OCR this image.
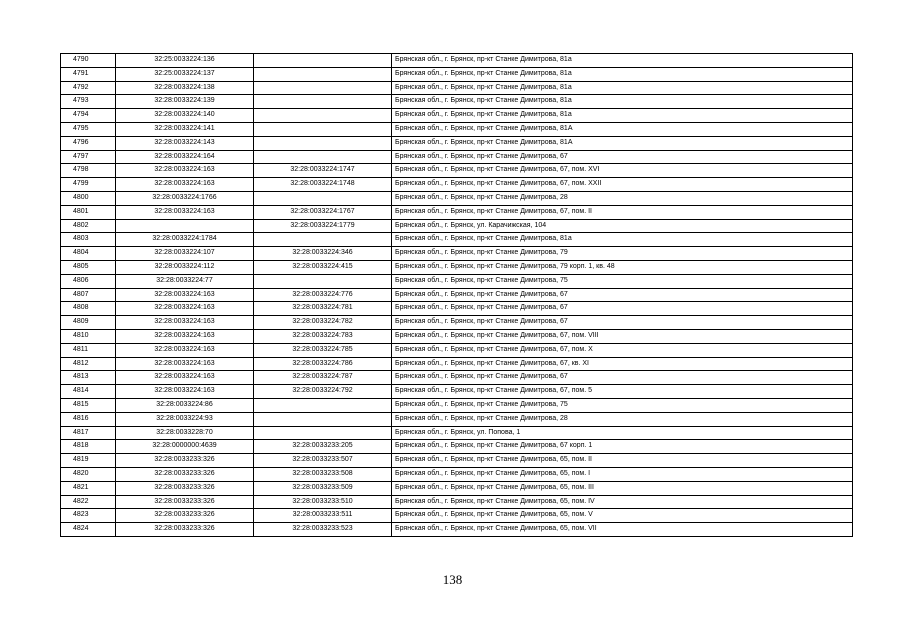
4790	32:25:0033224:136		Брянская обл., г. Брянск, пр-кт Станке Димитрова, 81а
4791	32:25:0033224:137		Брянская обл., г. Брянск, пр-кт Станке Димитрова, 81а
4792	32:28:0033224:138		Брянская обл., г. Брянск, пр-кт Станке Димитрова, 81а
4793	32:28:0033224:139		Брянская обл., г. Брянск, пр-кт Станке Димитрова, 81а
4794	32:28:0033224:140		Брянская обл., г. Брянск, пр-кт Станке Димитрова, 81а
4795	32:28:0033224:141		Брянская обл., г. Брянск, пр-кт Станке Димитрова, 81А
4796	32:28:0033224:143		Брянская обл., г. Брянск, пр-кт Станке Димитрова, 81А
4797	32:28:0033224:164		Брянская обл., г. Брянск, пр-кт Станке Димитрова, 67
4798	32:28:0033224:163	32:28:0033224:1747	Брянская обл., г. Брянск, пр-кт Станке Димитрова, 67, пом. XVI
4799	32:28:0033224:163	32:28:0033224:1748	Брянская обл., г. Брянск, пр-кт Станке Димитрова, 67, пом. XXII
4800	32:28:0033224:1766		Брянская обл., г. Брянск, пр-кт Станке Димитрова, 28
4801	32:28:0033224:163	32:28:0033224:1767	Брянская обл., г. Брянск, пр-кт Станке Димитрова, 67, пом. II
4802		32:28:0033224:1779	Брянская обл., г. Брянск, ул. Карачижская, 104
4803	32:28:0033224:1784		Брянская обл., г. Брянск, пр-кт Станке Димитрова, 81а
4804	32:28:0033224:107	32:28:0033224:346	Брянская обл., г. Брянск, пр-кт Станке Димитрова, 79
4805	32:28:0033224:112	32:28:0033224:415	Брянская обл., г. Брянск, пр-кт Станке Димитрова, 79 корп. 1, кв. 48
4806	32:28:0033224:77		Брянская обл., г. Брянск, пр-кт Станке Димитрова, 75
4807	32:28:0033224:163	32:28:0033224:776	Брянская обл., г. Брянск, пр-кт Станке Димитрова, 67
4808	32:28:0033224:163	32:28:0033224:781	Брянская обл., г. Брянск, пр-кт Станке Димитрова, 67
4809	32:28:0033224:163	32:28:0033224:782	Брянская обл., г. Брянск, пр-кт Станке Димитрова, 67
4810	32:28:0033224:163	32:28:0033224:783	Брянская обл., г. Брянск, пр-кт Станке Димитрова, 67, пом. VIII
4811	32:28:0033224:163	32:28:0033224:785	Брянская обл., г. Брянск, пр-кт Станке Димитрова, 67, пом. X
4812	32:28:0033224:163	32:28:0033224:786	Брянская обл., г. Брянск, пр-кт Станке Димитрова, 67, кв. XI
4813	32:28:0033224:163	32:28:0033224:787	Брянская обл., г. Брянск, пр-кт Станке Димитрова, 67
4814	32:28:0033224:163	32:28:0033224:792	Брянская обл., г. Брянск, пр-кт Станке Димитрова, 67, пом. 5
4815	32:28:0033224:86		Брянская обл., г. Брянск, пр-кт Станке Димитрова, 75
4816	32:28:0033224:93		Брянская обл., г. Брянск, пр-кт Станке Димитрова, 28
4817	32:28:0033228:70		Брянская обл., г. Брянск, ул. Попова, 1
4818	32:28:0000000:4639	32:28:0033233:205	Брянская обл., г. Брянск, пр-кт Станке Димитрова, 67 корп. 1
4819	32:28:0033233:326	32:28:0033233:507	Брянская обл., г. Брянск, пр-кт Станке Димитрова, 65, пом. II
4820	32:28:0033233:326	32:28:0033233:508	Брянская обл., г. Брянск, пр-кт Станке Димитрова, 65, пом. I
4821	32:28:0033233:326	32:28:0033233:509	Брянская обл., г. Брянск, пр-кт Станке Димитрова, 65, пом. III
4822	32:28:0033233:326	32:28:0033233:510	Брянская обл., г. Брянск, пр-кт Станке Димитрова, 65, пом. IV
4823	32:28:0033233:326	32:28:0033233:511	Брянская обл., г. Брянск, пр-кт Станке Димитрова, 65, пом. V
4824	32:28:0033233:326	32:28:0033233:523	Брянская обл., г. Брянск, пр-кт Станке Димитрова, 65, пом. VII
138
